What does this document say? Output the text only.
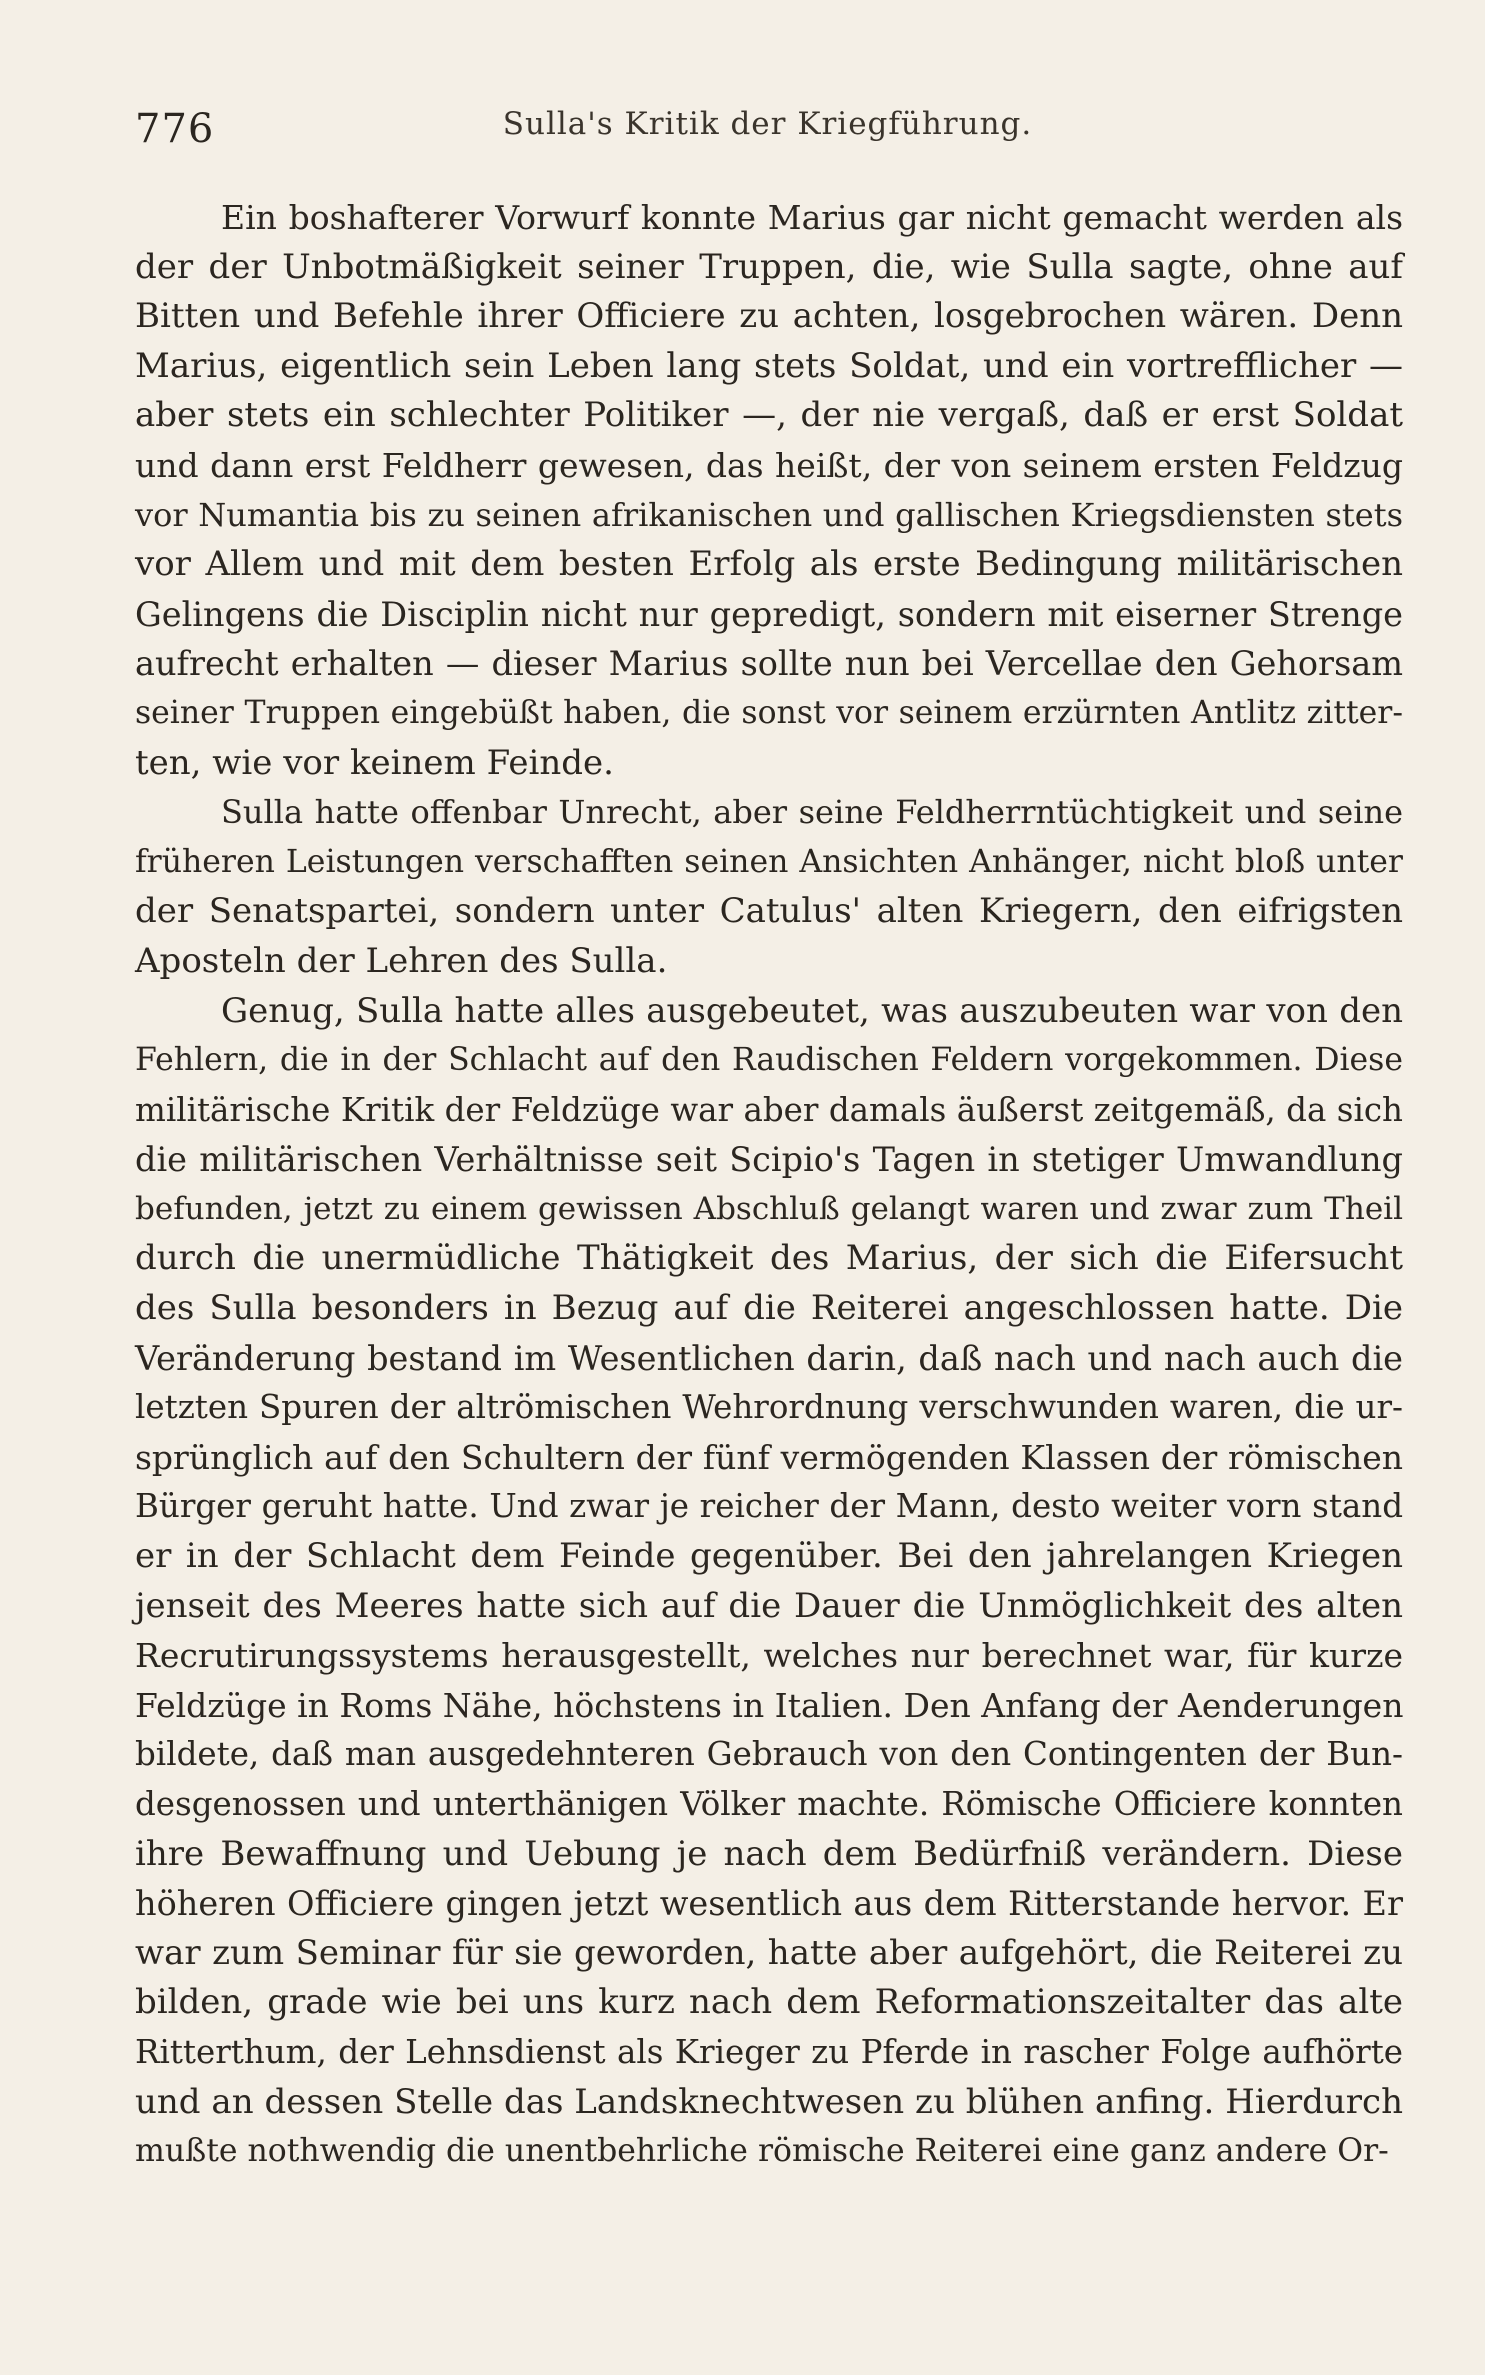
776	Sulla's Kritik der Kriegführung.

Ein boshafterer Vorwurf konnte Marius gar nicht gemacht werden als

der der Unbotmäßigkeit seiner Truppen, die, wie Sulla sagte, ohne auf

Bitten und Befehle ihrer Officiere zu achten, losgebrochen wären. Denn

Marius, eigentlich sein Leben lang stets Soldat, und ein vortrefflicher —

aber stets ein schlechter Politiker —, der nie vergaß, daß er erst Soldat

und dann erst Feldherr gewesen, das heißt, der von seinem ersten Feldzug

vor Numantia bis zu seinen afrikanischen und gallischen Kriegsdiensten stets

vor Allem und mit dem besten Erfolg als erste Bedingung militärischen

Gelingens die Disciplin nicht nur gepredigt, sondern mit eiserner Strenge

aufrecht erhalten — dieser Marius sollte nun bei Vercellae den Gehorsam

seiner Truppen eingebüßt haben, die sonst vor seinem erzürnten Antlitz zitter-

ten, wie vor keinem Feinde.

Sulla hatte offenbar Unrecht, aber seine Feldherrntüchtigkeit und seine

früheren Leistungen verschafften seinen Ansichten Anhänger, nicht bloß unter

der Senatspartei, sondern unter Catulus' alten Kriegern, den eifrigsten

Aposteln der Lehren des Sulla.

Genug, Sulla hatte alles ausgebeutet, was auszubeuten war von den

Fehlern, die in der Schlacht auf den Raudischen Feldern vorgekommen. Diese

militärische Kritik der Feldzüge war aber damals äußerst zeitgemäß, da sich

die militärischen Verhältnisse seit Scipio's Tagen in stetiger Umwandlung

befunden, jetzt zu einem gewissen Abschluß gelangt waren und zwar zum Theil

durch die unermüdliche Thätigkeit des Marius, der sich die Eifersucht

des Sulla besonders in Bezug auf die Reiterei angeschlossen hatte. Die

Veränderung bestand im Wesentlichen darin, daß nach und nach auch die

letzten Spuren der altrömischen Wehrordnung verschwunden waren, die ur-

sprünglich auf den Schultern der fünf vermögenden Klassen der römischen

Bürger geruht hatte. Und zwar je reicher der Mann, desto weiter vorn stand

er in der Schlacht dem Feinde gegenüber. Bei den jahrelangen Kriegen

jenseit des Meeres hatte sich auf die Dauer die Unmöglichkeit des alten

Recrutirungssystems herausgestellt, welches nur berechnet war, für kurze

Feldzüge in Roms Nähe, höchstens in Italien. Den Anfang der Aenderungen

bildete, daß man ausgedehnteren Gebrauch von den Contingenten der Bun-

desgenossen und unterthänigen Völker machte. Römische Officiere konnten

ihre Bewaffnung und Uebung je nach dem Bedürfniß verändern. Diese

höheren Officiere gingen jetzt wesentlich aus dem Ritterstande hervor. Er

war zum Seminar für sie geworden, hatte aber aufgehört, die Reiterei zu

bilden, grade wie bei uns kurz nach dem Reformationszeitalter das alte

Ritterthum, der Lehnsdienst als Krieger zu Pferde in rascher Folge aufhörte

und an dessen Stelle das Landsknechtwesen zu blühen anfing. Hierdurch

mußte nothwendig die unentbehrliche römische Reiterei eine ganz andere Or-
